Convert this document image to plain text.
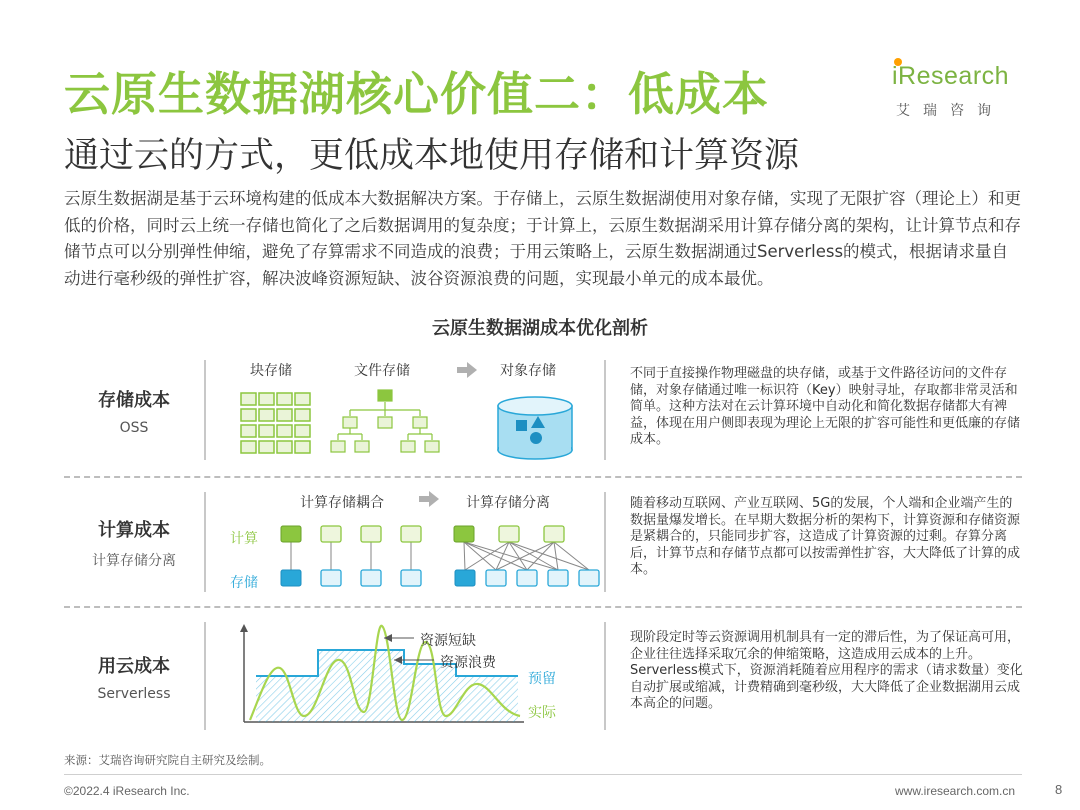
云原生数据湖核心价值二：低成本
通过云的方式，更低成本地使用存储和计算资源
iResearch
艾瑞咨询

云原生数据湖是基于云环境构建的低成本大数据解决方案。于存储上，云原生数据湖使用对象存储，实现了无限扩容（理论上）和更低的价格，同时云上统一存储也简化了之后数据调用的复杂度；于计算上，云原生数据湖采用计算存储分离的架构，让计算节点和存储节点可以分别弹性伸缩，避免了存算需求不同造成的浪费；于用云策略上，云原生数据湖通过Serverless的模式，根据请求量自动进行毫秒级的弹性扩容，解决波峰资源短缺、波谷资源浪费的问题，实现最小单元的成本最优。

云原生数据湖成本优化剖析
存储成本
OSS
块存储	文件存储	对象存储	不同于直接操作物理磁盘的块存储，或基于文件路径访问的文件存储，对象存储通过唯一标识符（Key）映射寻址，存取都非常灵活和简单。这种方法对在云计算环境中自动化和简化数据存储都大有裨益，体现在用户侧即表现为理论上无限的扩容可能性和更低廉的存储成本。

计算成本
计算存储分离
计算存储耦合	计算存储分离
计算
存储

随着移动互联网、产业互联网、5G的发展，个人端和企业端产生的数据量爆发增长。在早期大数据分析的架构下，计算资源和存储资源是紧耦合的，只能同步扩容，这造成了计算资源的过剩。存算分离后，计算节点和存储节点都可以按需弹性扩容，大大降低了计算的成本。

用云成本
Serverless
资源短缺
资源浪费
预留
实际

现阶段定时等云资源调用机制具有一定的滞后性，为了保证高可用，企业往往选择采取冗余的伸缩策略，这造成用云成本的上升。Serverless模式下，资源消耗随着应用程序的需求（请求数量）变化自动扩展或缩减，计费精确到毫秒级，大大降低了企业数据湖用云成本高企的问题。

来源：艾瑞咨询研究院自主研究及绘制。
©2022.4 iResearch Inc.	www.iresearch.com.cn	8
